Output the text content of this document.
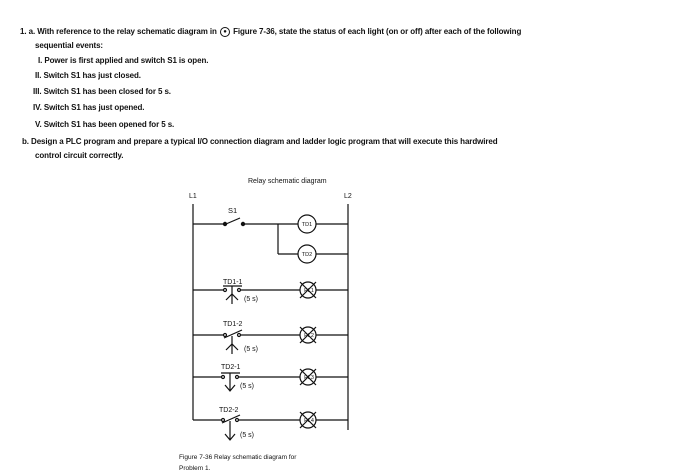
1. a. With reference to the relay schematic diagram in ● Figure 7-36, state the status of each light (on or off) after each of the following
sequential events:
I. Power is first applied and switch S1 is open.
II. Switch S1 has just closed.
III. Switch S1 has been closed for 5 s.
IV. Switch S1 has just opened.
V. Switch S1 has been opened for 5 s.
b. Design a PLC program and prepare a typical I/O connection diagram and ladder logic program that will execute this hardwired
control circuit correctly.
Relay schematic diagram
L1	L2
S1
TD1-1
(5 s)
TD1-2
(5 s)
TD2-1
(5 s)
TD2-2
(5 s)
Figure 7-36 Relay schematic diagram for
Problem 1.
TD1
TD2
PL1
PL2
PL3
PL4
